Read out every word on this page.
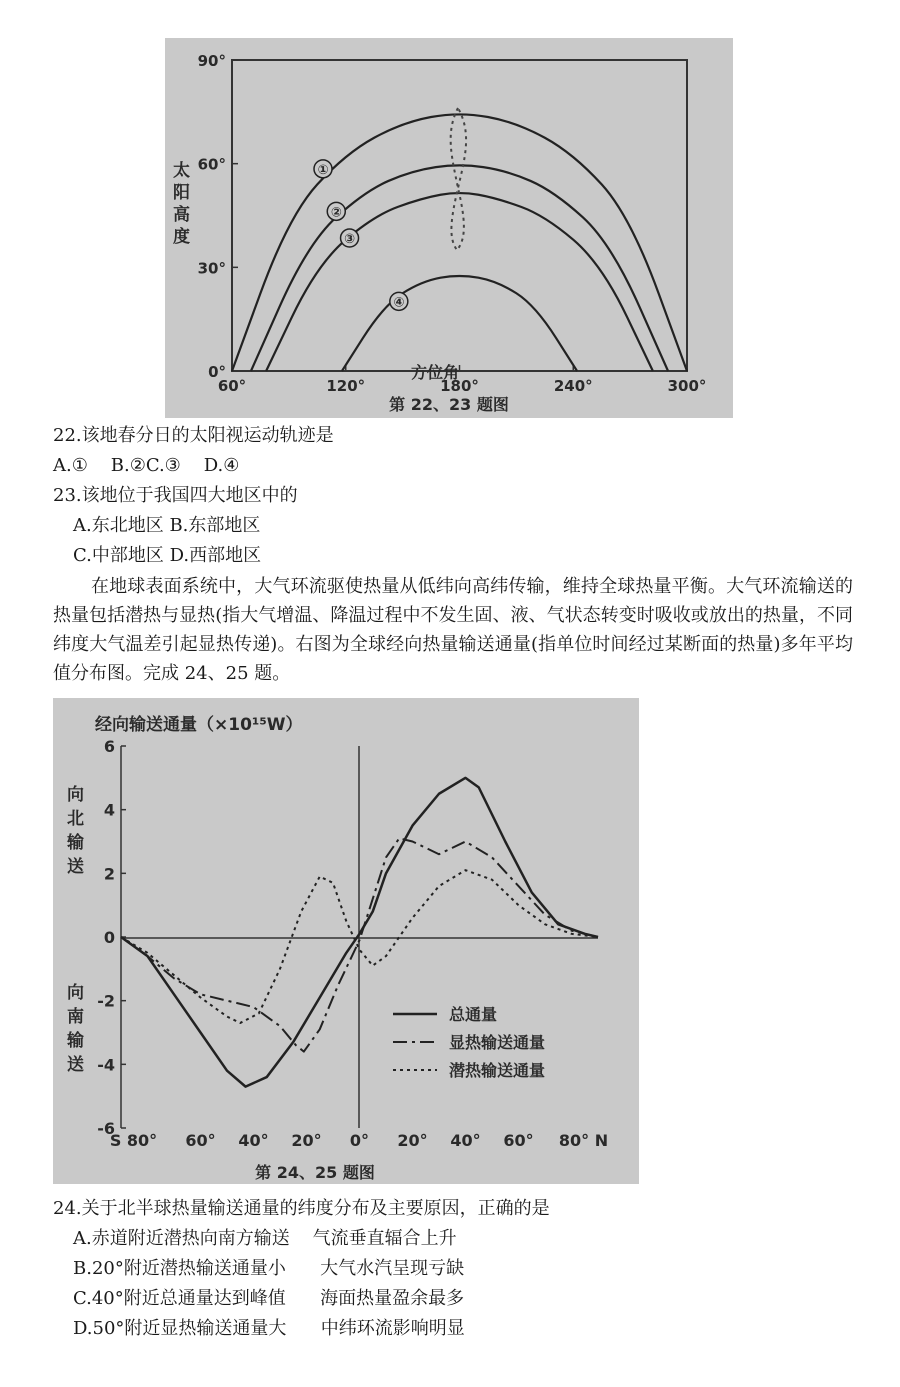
0°
30°
60°
90°
60°	120°	180°	240°	300°
①
②
③
④
太 阳 高 度
方位角
第 22、23 题图
22.该地春分日的太阳视运动轨迹是
A.①    B.②C.③    D.④
23.该地位于我国四大地区中的
A.东北地区 B.东部地区
C.中部地区 D.西部地区
在地球表面系统中，大气环流驱使热量从低纬向高纬传输，维持全球热量平衡。大气环流输送的热量包括潜热与显热(指大气增温、降温过程中不发生固、液、气状态转变时吸收或放出的热量，不同纬度大气温差引起显热传递)。右图为全球经向热量输送通量(指单位时间经过某断面的热量)多年平均值分布图。完成 24、25 题。
经向输送通量（×10¹⁵W）
6
4
2
0
-2
-4
-6
S 80° 60° 40° 20° 0° 20° 40° 60° 80° N
向 北 输 送
向 南 输 送
总通量
显热输送通量
潜热输送通量
第 24、25 题图
24.关于北半球热量输送通量的纬度分布及主要原因，正确的是
A.赤道附近潜热向南方输送    气流垂直辐合上升
B.20°附近潜热输送通量小      大气水汽呈现亏缺
C.40°附近总通量达到峰值      海面热量盈余最多
D.50°附近显热输送通量大      中纬环流影响明显
